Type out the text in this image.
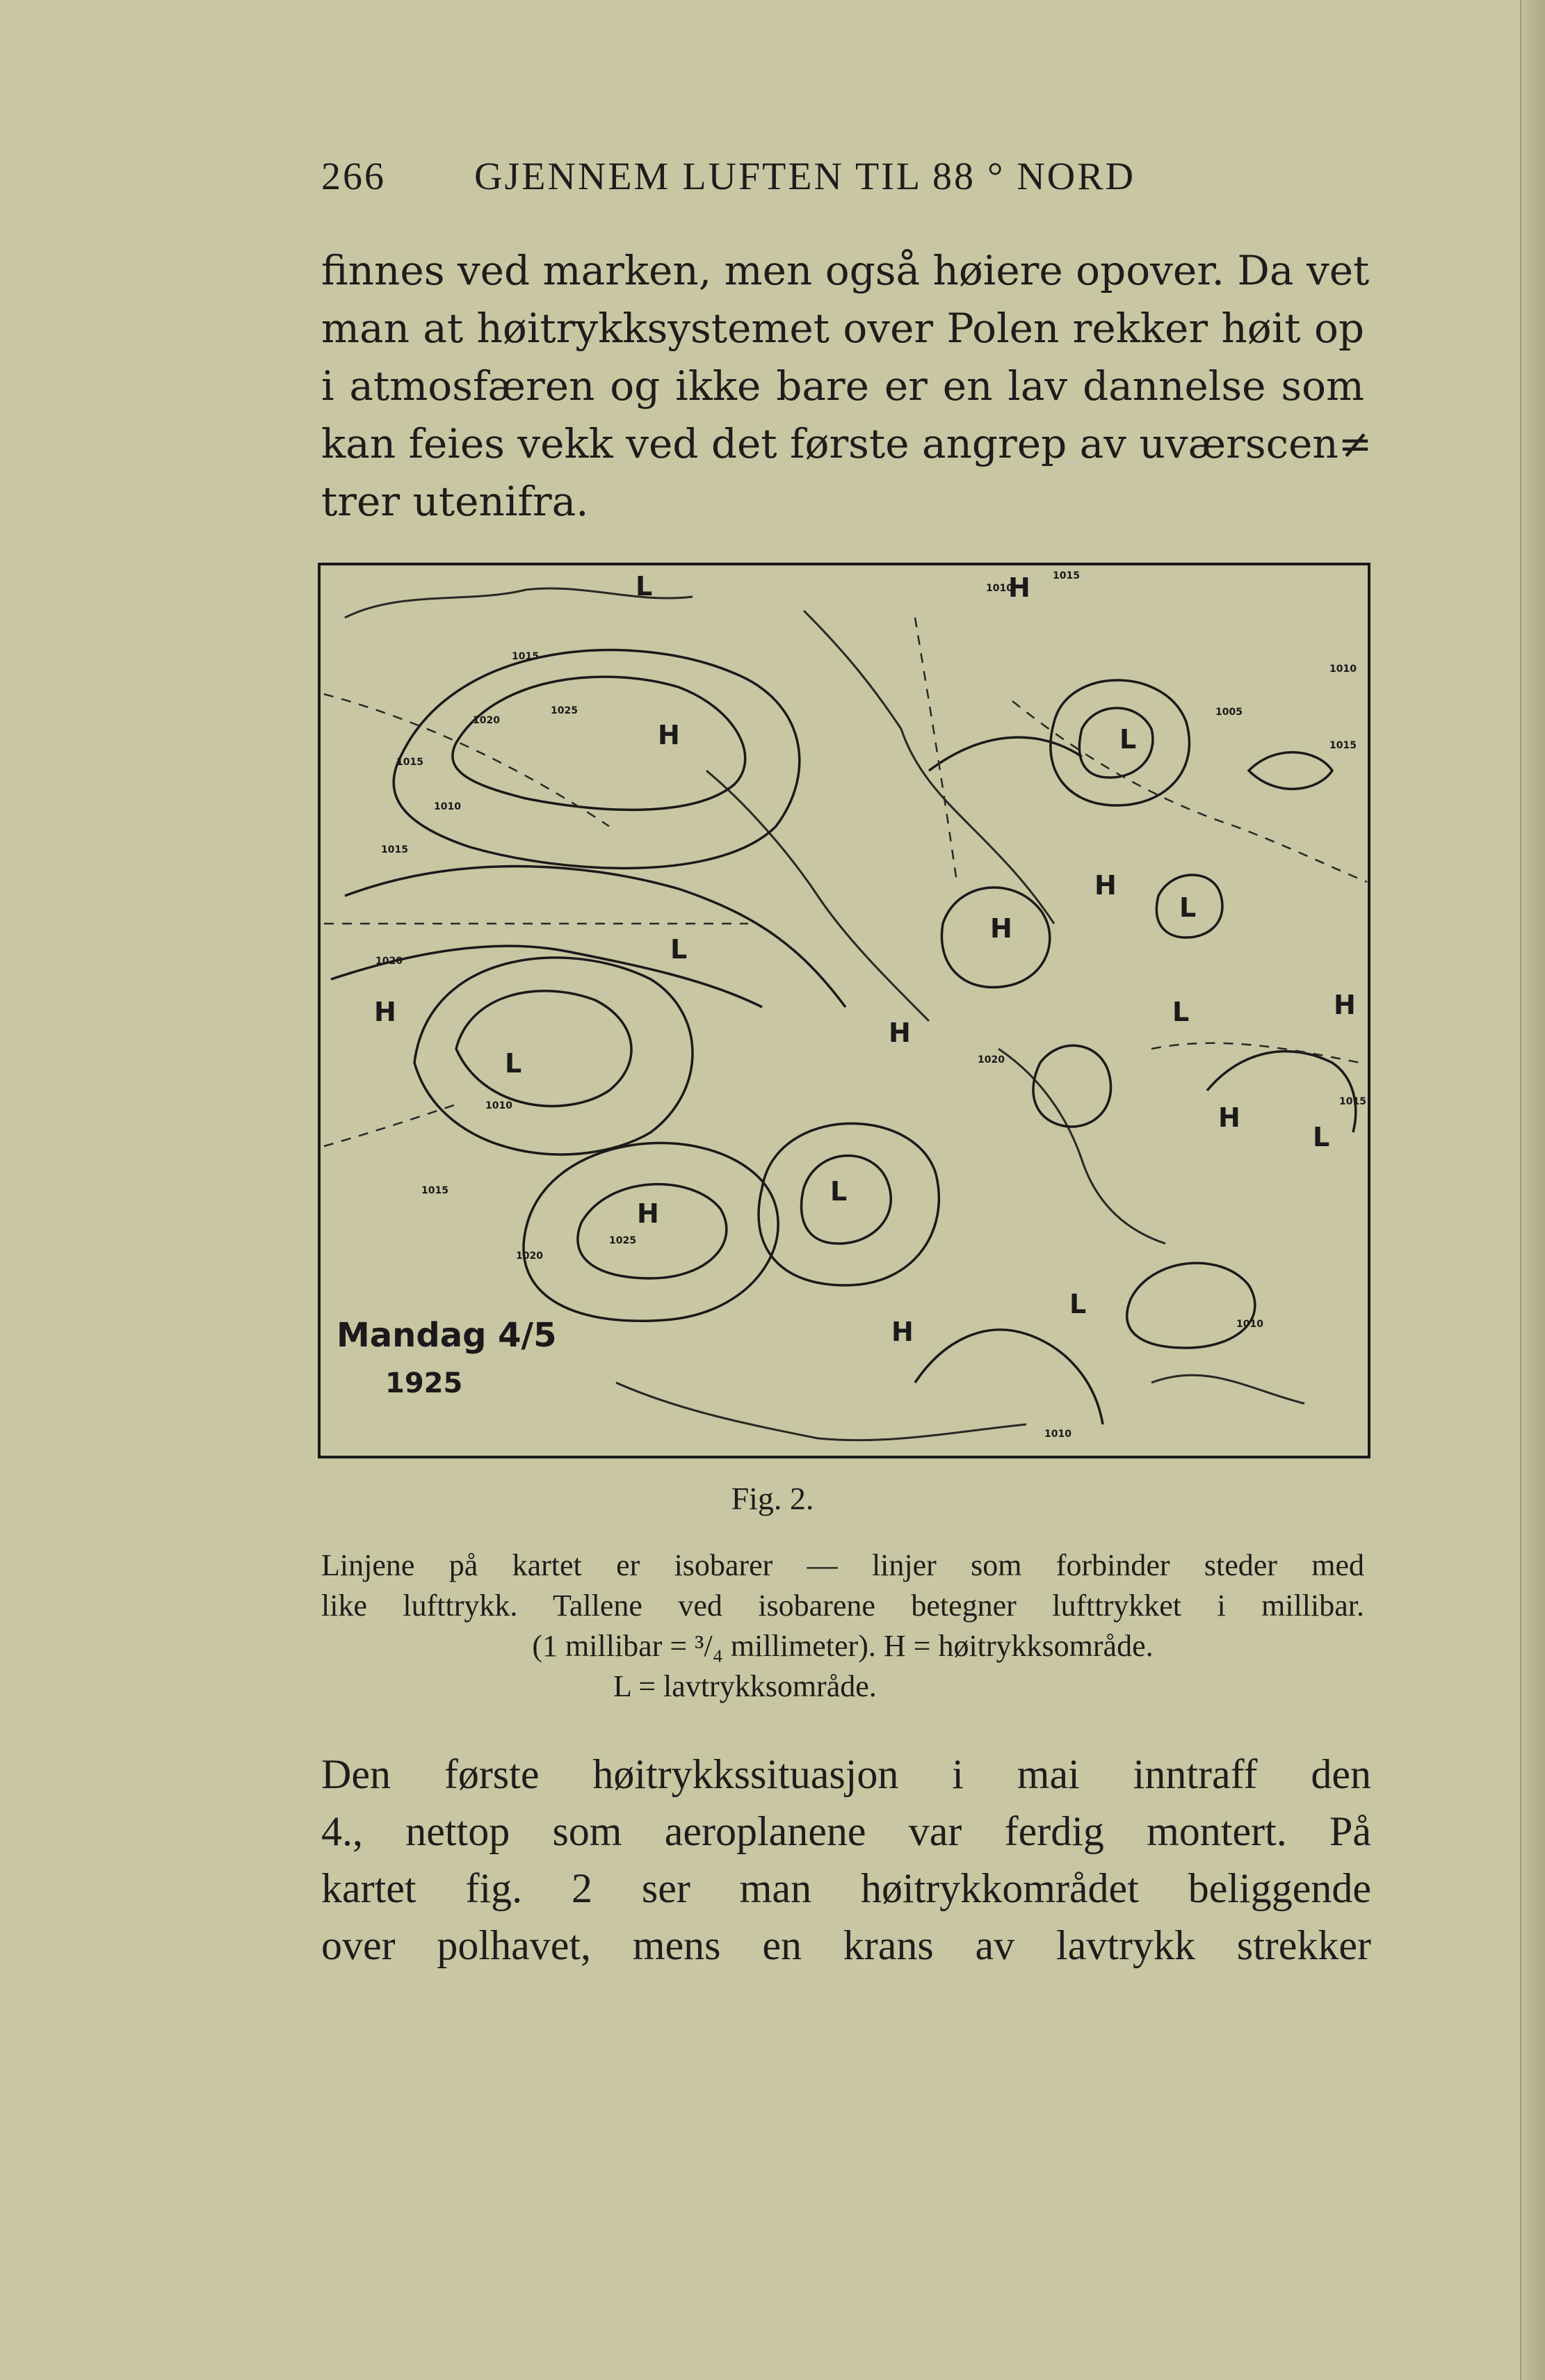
266 GJENNEM LUFTEN TIL 88 ° NORD
finnes ved marken, men også høiere opover. Da vet
man at høitrykksystemet over Polen rekker høit op
i atmosfæren og ikke bare er en lav dannelse som
kan feies vekk ved det første angrep av uværscen≠
trer utenifra.
H	L
H
L
H
L
H
L
H
L
H
L
H
L
H
H
L
H
L
1015
1020
1025
1015
1010
1015
1020
1010
1015
1020
1025
1015
1010
1005
1015
1010
1020
1010
1015
1010
Mandag 4/5
1925
Fig. 2.
Linjene på kartet er isobarer — linjer som forbinder steder med
like lufttrykk. Tallene ved isobarene betegner lufttrykket i millibar.
(1 millibar = ³/₄ millimeter). H = høitrykksområde.
L = lavtrykksområde.
Den første høitrykkssituasjon i mai inntraff den
4., nettop som aeroplanene var ferdig montert. På
kartet fig. 2 ser man høitrykkområdet beliggende
over polhavet, mens en krans av lavtrykk strekker
